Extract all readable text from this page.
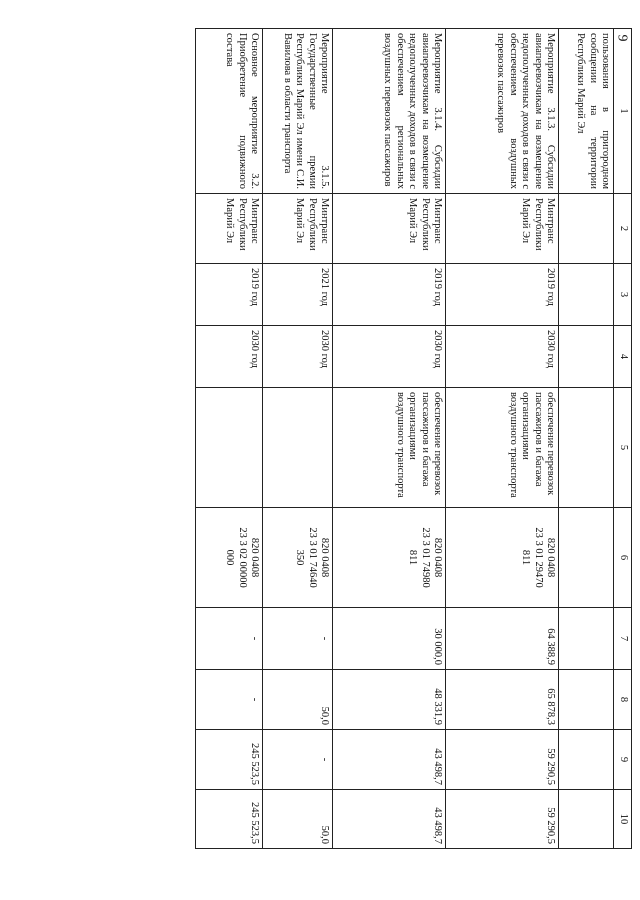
9
1	2	3	4	5	6	7	8	9	10
пользования в пригородном сообщении на территории Республики Марий Эл									
Мероприятие 3.1.3. Субсидии авиаперевозчикам на возмещение недополученных доходов в связи с обеспечением воздушных перевозок пассажиров	Минтранс
Республики
Марий Эл	2019 год	2030 год	обеспечение перевозок пассажиров и багажа организациями воздушного транспорта	820 0408
23 3 01 29470
811	64 388,9	65 878,3	59 290,5	59 290,5
Мероприятие 3.1.4. Субсидии авиаперевозчикам на возмещение недополученных доходов в связи с обеспечением региональных воздушных перевозок пассажиров	Минтранс
Республики
Марий Эл	2019 год	2030 год	обеспечение перевозок пассажиров и багажа организациями воздушного транспорта	820 0408
23 3 01 74980
811	30 000,0	48 331,9	43 498,7	43 498,7
Мероприятие 3.1.5. Государственные премии Республики Марий Эл имени С.И. Вавилова в области транспорта	Минтранс
Республики
Марий Эл	2021 год	2030 год		820 0408
23 3 01 74640
350	-	50,0	-	50,0
Основное мероприятие 3.2. Приобретение подвижного состава	Минтранс
Республики
Марий Эл	2019 год	2030 год		820 0408
23 3 02 00000
000	-	-	245 523,5	245 523,5
